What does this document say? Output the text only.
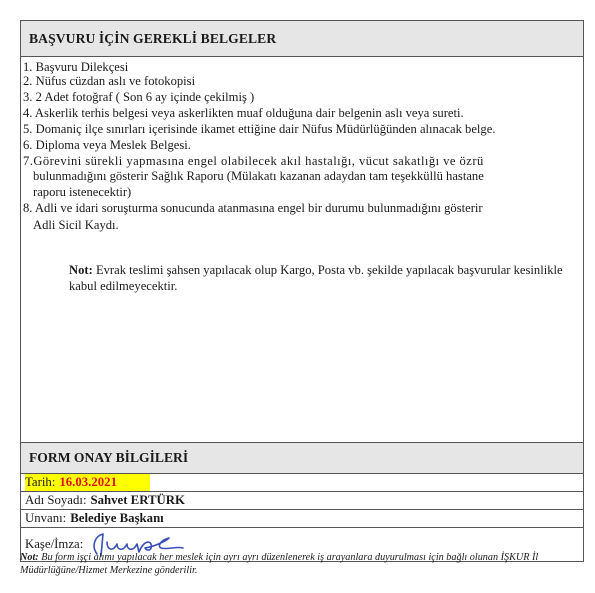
BAŞVURU İÇİN GEREKLİ BELGELER
1. Başvuru Dilekçesi
2. Nüfus cüzdan aslı ve fotokopisi
3. 2 Adet fotoğraf ( Son 6 ay içinde çekilmiş )
4. Askerlik terhis belgesi veya askerlikten muaf olduğuna dair belgenin aslı veya sureti.
5. Domaniç ilçe sınırları içerisinde ikamet ettiğine dair Nüfus Müdürlüğünden alınacak belge.
6. Diploma veya Meslek Belgesi.
7.Görevini sürekli yapmasına engel olabilecek akıl hastalığı, vücut sakatlığı ve özrü
bulunmadığını gösterir Sağlık Raporu (Mülakatı kazanan adaydan tam teşekküllü hastane
raporu istenecektir)
8. Adli ve idari soruşturma sonucunda atanmasına engel bir durumu bulunmadığını gösterir
Adli Sicil Kaydı.
Not: Evrak teslimi şahsen yapılacak olup Kargo, Posta vb. şekilde yapılacak başvurular kesinlikle kabul edilmeyecektir.
FORM ONAY BİLGİLERİ
Tarih: 16.03.2021
Adı Soyadı: Sahvet ERTÜRK
Unvanı: Belediye Başkanı
Kaşe/İmza:
Not: Bu form işçi alımı yapılacak her meslek için ayrı ayrı düzenlenerek iş arayanlara duyurulması için bağlı olunan İŞKUR İl Müdürlüğüne/Hizmet Merkezine gönderilir.
